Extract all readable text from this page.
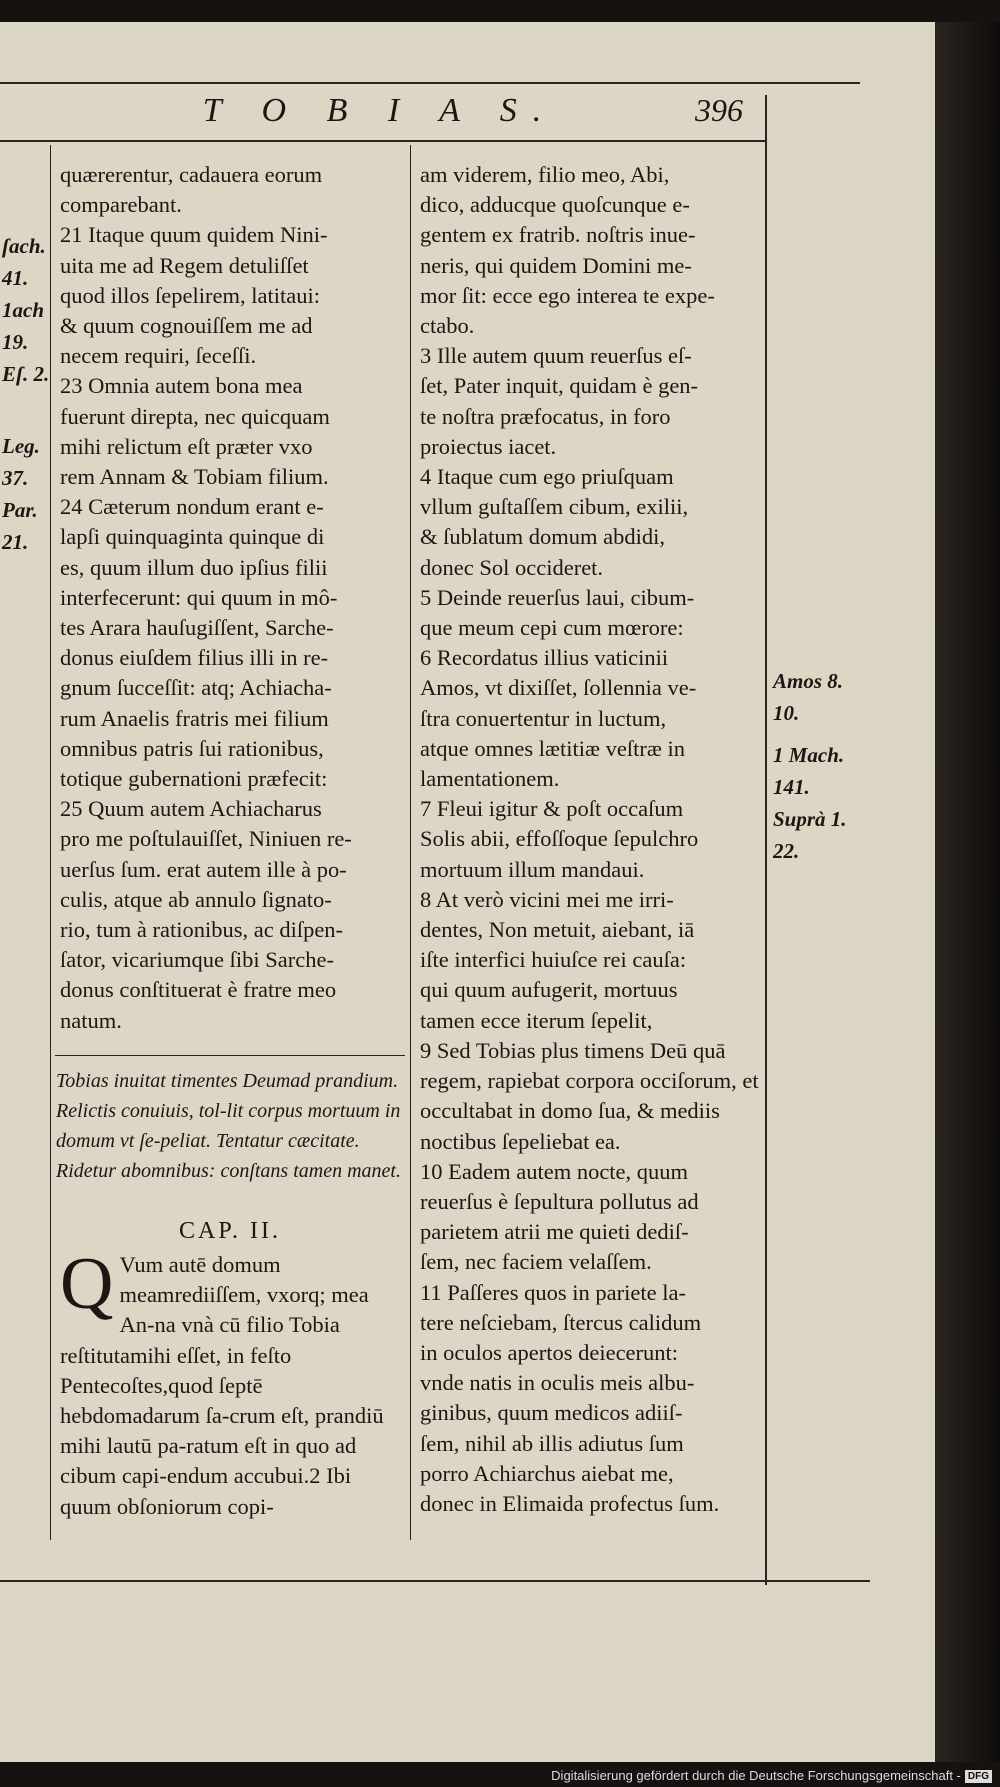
T O B I A S.	396
ſach.
41.
1ach
19.
Eſ. 2.
Leg.
37.
Par.
21.
Amos 8.
10.
1 Mach.
141.
Suprà 1.
22.
quærerentur, cadauera eorum
comparebant.
21 Itaque quum quidem Nini-
uita me ad Regem detuliſſet
quod illos ſepelirem, latitaui:
& quum cognouiſſem me ad
necem requiri, ſeceſſi.
23 Omnia autem bona mea
fuerunt direpta, nec quicquam
mihi relictum eſt præter vxo
rem Annam & Tobiam filium.
24 Cæterum nondum erant e-
lapſi quinquaginta quinque di
es, quum illum duo ipſius filii
interfecerunt: qui quum in mô-
tes Arara hauſugiſſent, Sarche-
donus eiuſdem filius illi in re-
gnum ſucceſſit: atq; Achiacha-
rum Anaelis fratris mei filium
omnibus patris ſui rationibus,
totique gubernationi præfecit:
25 Quum autem Achiacharus
pro me poſtulauiſſet, Niniuen re-
uerſus ſum. erat autem ille à po-
culis, atque ab annulo ſignato-
rio, tum à rationibus, ac diſpen-
ſator, vicariumque ſibi Sarche-
donus conſtituerat è fratre meo
natum.
Tobias inuitat timentes Deumad prandium. Relictis conuiuis, tol-lit corpus mortuum in domum vt ſe-peliat. Tentatur cæcitate. Ridetur abomnibus: conſtans tamen manet.
CAP. II.
Q Vum autē domum meamrediiſſem, vxorq; mea An-na vnà cū filio Tobia reſtitutamihi eſſet, in feſto Pentecoſtes,quod ſeptē hebdomadarum ſa-crum eſt, prandiū mihi lautū pa-ratum eſt in quo ad cibum capi-endum accubui.2 Ibi quum obſoniorum copi-
am viderem, filio meo, Abi,
dico, adducque quoſcunque e-
gentem ex fratrib. noſtris inue-
neris, qui quidem Domini me-
mor ſit: ecce ego interea te expe-
ctabo.
3 Ille autem quum reuerſus eſ-
ſet, Pater inquit, quidam è gen-
te noſtra præfocatus, in foro
proiectus iacet.
4 Itaque cum ego priuſquam
vllum guſtaſſem cibum, exilii,
& ſublatum domum abdidi,
donec Sol occideret.
5 Deinde reuerſus laui, cibum-
que meum cepi cum mœrore:
6 Recordatus illius vaticinii
Amos, vt dixiſſet, ſollennia ve-
ſtra conuertentur in luctum,
atque omnes lætitiæ veſtræ in
lamentationem.
7 Fleui igitur & poſt occaſum
Solis abii, effoſſoque ſepulchro
mortuum illum mandaui.
8 At verò vicini mei me irri-
dentes, Non metuit, aiebant, iā
iſte interfici huiuſce rei cauſa:
qui quum aufugerit, mortuus
tamen ecce iterum ſepelit,
9 Sed Tobias plus timens Deū quā
regem, rapiebat corpora occiſorum, et
occultabat in domo ſua, & mediis
noctibus ſepeliebat ea.
10 Eadem autem nocte, quum
reuerſus è ſepultura pollutus ad
parietem atrii me quieti dediſ-
ſem, nec faciem velaſſem.
11 Paſſeres quos in pariete la-
tere neſciebam, ſtercus calidum
in oculos apertos deiecerunt:
vnde natis in oculis meis albu-
ginibus, quum medicos adiiſ-
ſem, nihil ab illis adiutus ſum
porro Achiarchus aiebat me,
donec in Elimaida profectus ſum.
Digitalisierung gefördert durch die Deutsche Forschungsgemeinschaft - DFG
